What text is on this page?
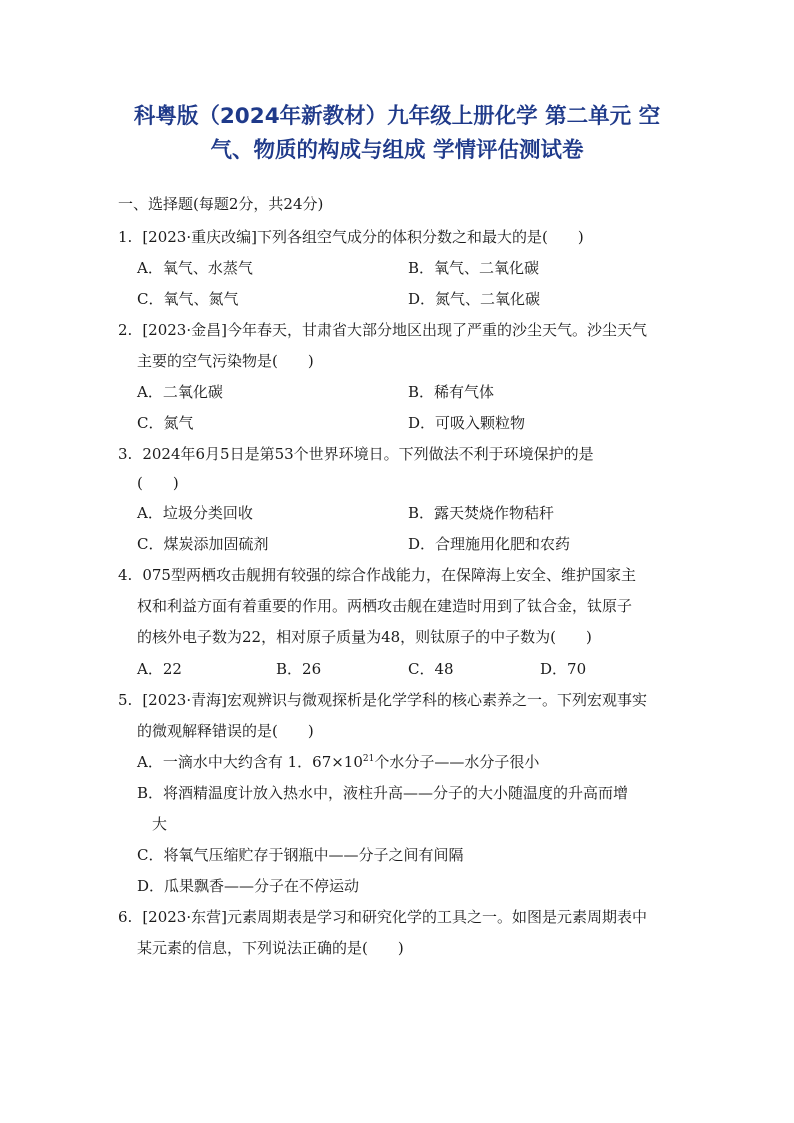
科粤版（2024年新教材）九年级上册化学 第二单元 空
气、物质的构成与组成 学情评估测试卷
一、选择题(每题2分，共24分)
1. [2023·重庆改编]下列各组空气成分的体积分数之和最大的是(　　)
A．氧气、水蒸气	B．氧气、二氧化碳
C．氧气、氮气	D．氮气、二氧化碳
2. [2023·金昌]今年春天，甘肃省大部分地区出现了严重的沙尘天气。沙尘天气
主要的空气污染物是(　　)
A．二氧化碳	B．稀有气体
C．氮气	D．可吸入颗粒物
3. 2024年6月5日是第53个世界环境日。下列做法不利于环境保护的是
(　　)
A．垃圾分类回收	B．露天焚烧作物秸秆
C．煤炭添加固硫剂	D．合理施用化肥和农药
4. 075型两栖攻击舰拥有较强的综合作战能力，在保障海上安全、维护国家主
权和利益方面有着重要的作用。两栖攻击舰在建造时用到了钛合金，钛原子
的核外电子数为22，相对原子质量为48，则钛原子的中子数为(　　)
A．22	B．26	C．48	D．70
5. [2023·青海]宏观辨识与微观探析是化学学科的核心素养之一。下列宏观事实
的微观解释错误的是(　　)
A．一滴水中大约含有 1．$67\times 10^{21}$个水分子——水分子很小
B．将酒精温度计放入热水中，液柱升高——分子的大小随温度的升高而增
大
C．将氧气压缩贮存于钢瓶中——分子之间有间隔
D．瓜果飘香——分子在不停运动
6. [2023·东营]元素周期表是学习和研究化学的工具之一。如图是元素周期表中
某元素的信息，下列说法正确的是(　　)
